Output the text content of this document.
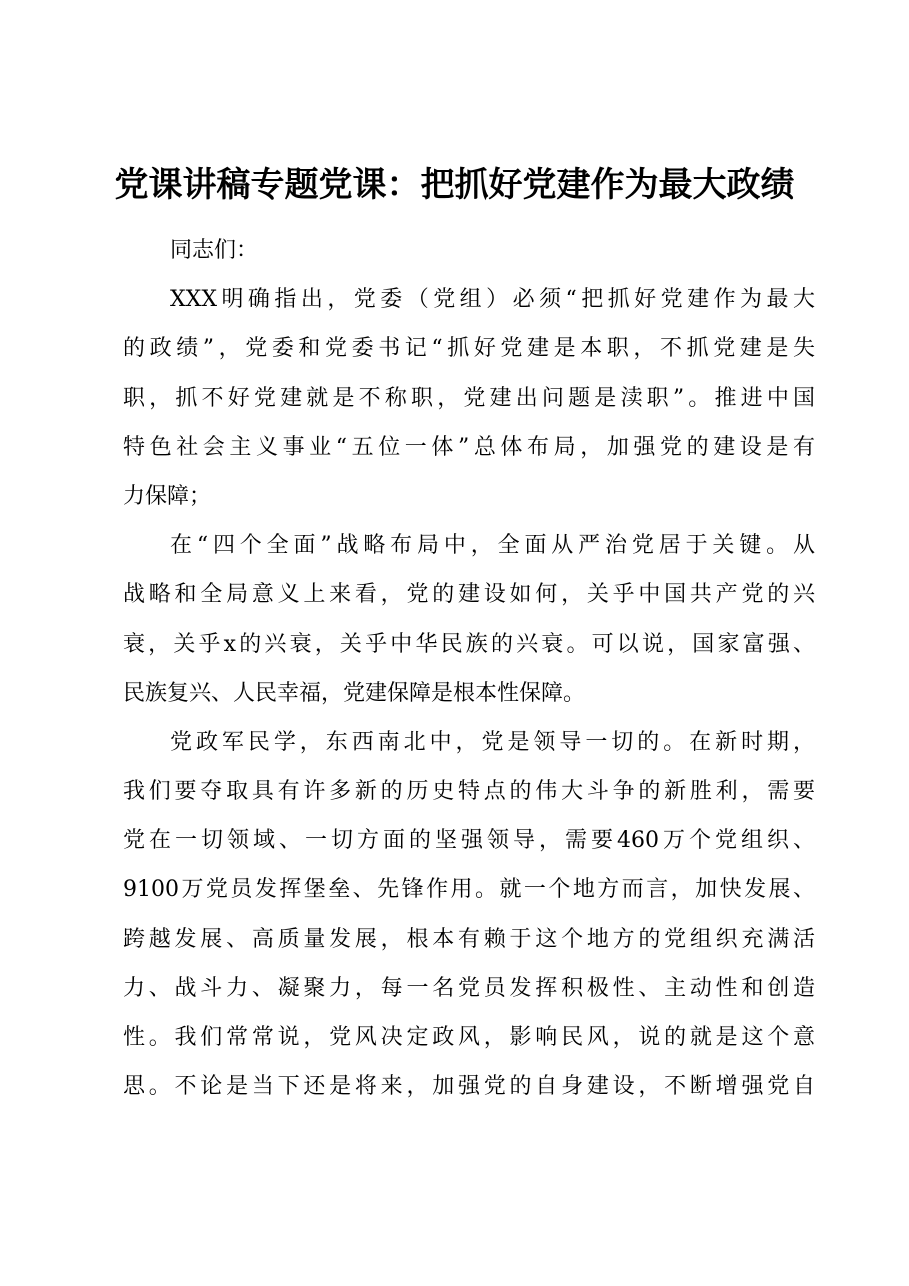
党课讲稿专题党课：把抓好党建作为最大政绩
同志们：
XXX明确指出，党委（党组）必须“把抓好党建作为最大
的政绩”，党委和党委书记“抓好党建是本职，不抓党建是失
职，抓不好党建就是不称职，党建出问题是渎职”。推进中国
特色社会主义事业“五位一体”总体布局，加强党的建设是有
力保障；
在“四个全面”战略布局中，全面从严治党居于关键。从
战略和全局意义上来看，党的建设如何，关乎中国共产党的兴
衰，关乎x的兴衰，关乎中华民族的兴衰。可以说，国家富强、
民族复兴、人民幸福，党建保障是根本性保障。
党政军民学，东西南北中，党是领导一切的。在新时期，
我们要夺取具有许多新的历史特点的伟大斗争的新胜利，需要
党在一切领域、一切方面的坚强领导，需要460万个党组织、
9100万党员发挥堡垒、先锋作用。就一个地方而言，加快发展、
跨越发展、高质量发展，根本有赖于这个地方的党组织充满活
力、战斗力、凝聚力，每一名党员发挥积极性、主动性和创造
性。我们常常说，党风决定政风，影响民风，说的就是这个意
思。不论是当下还是将来，加强党的自身建设，不断增强党自
